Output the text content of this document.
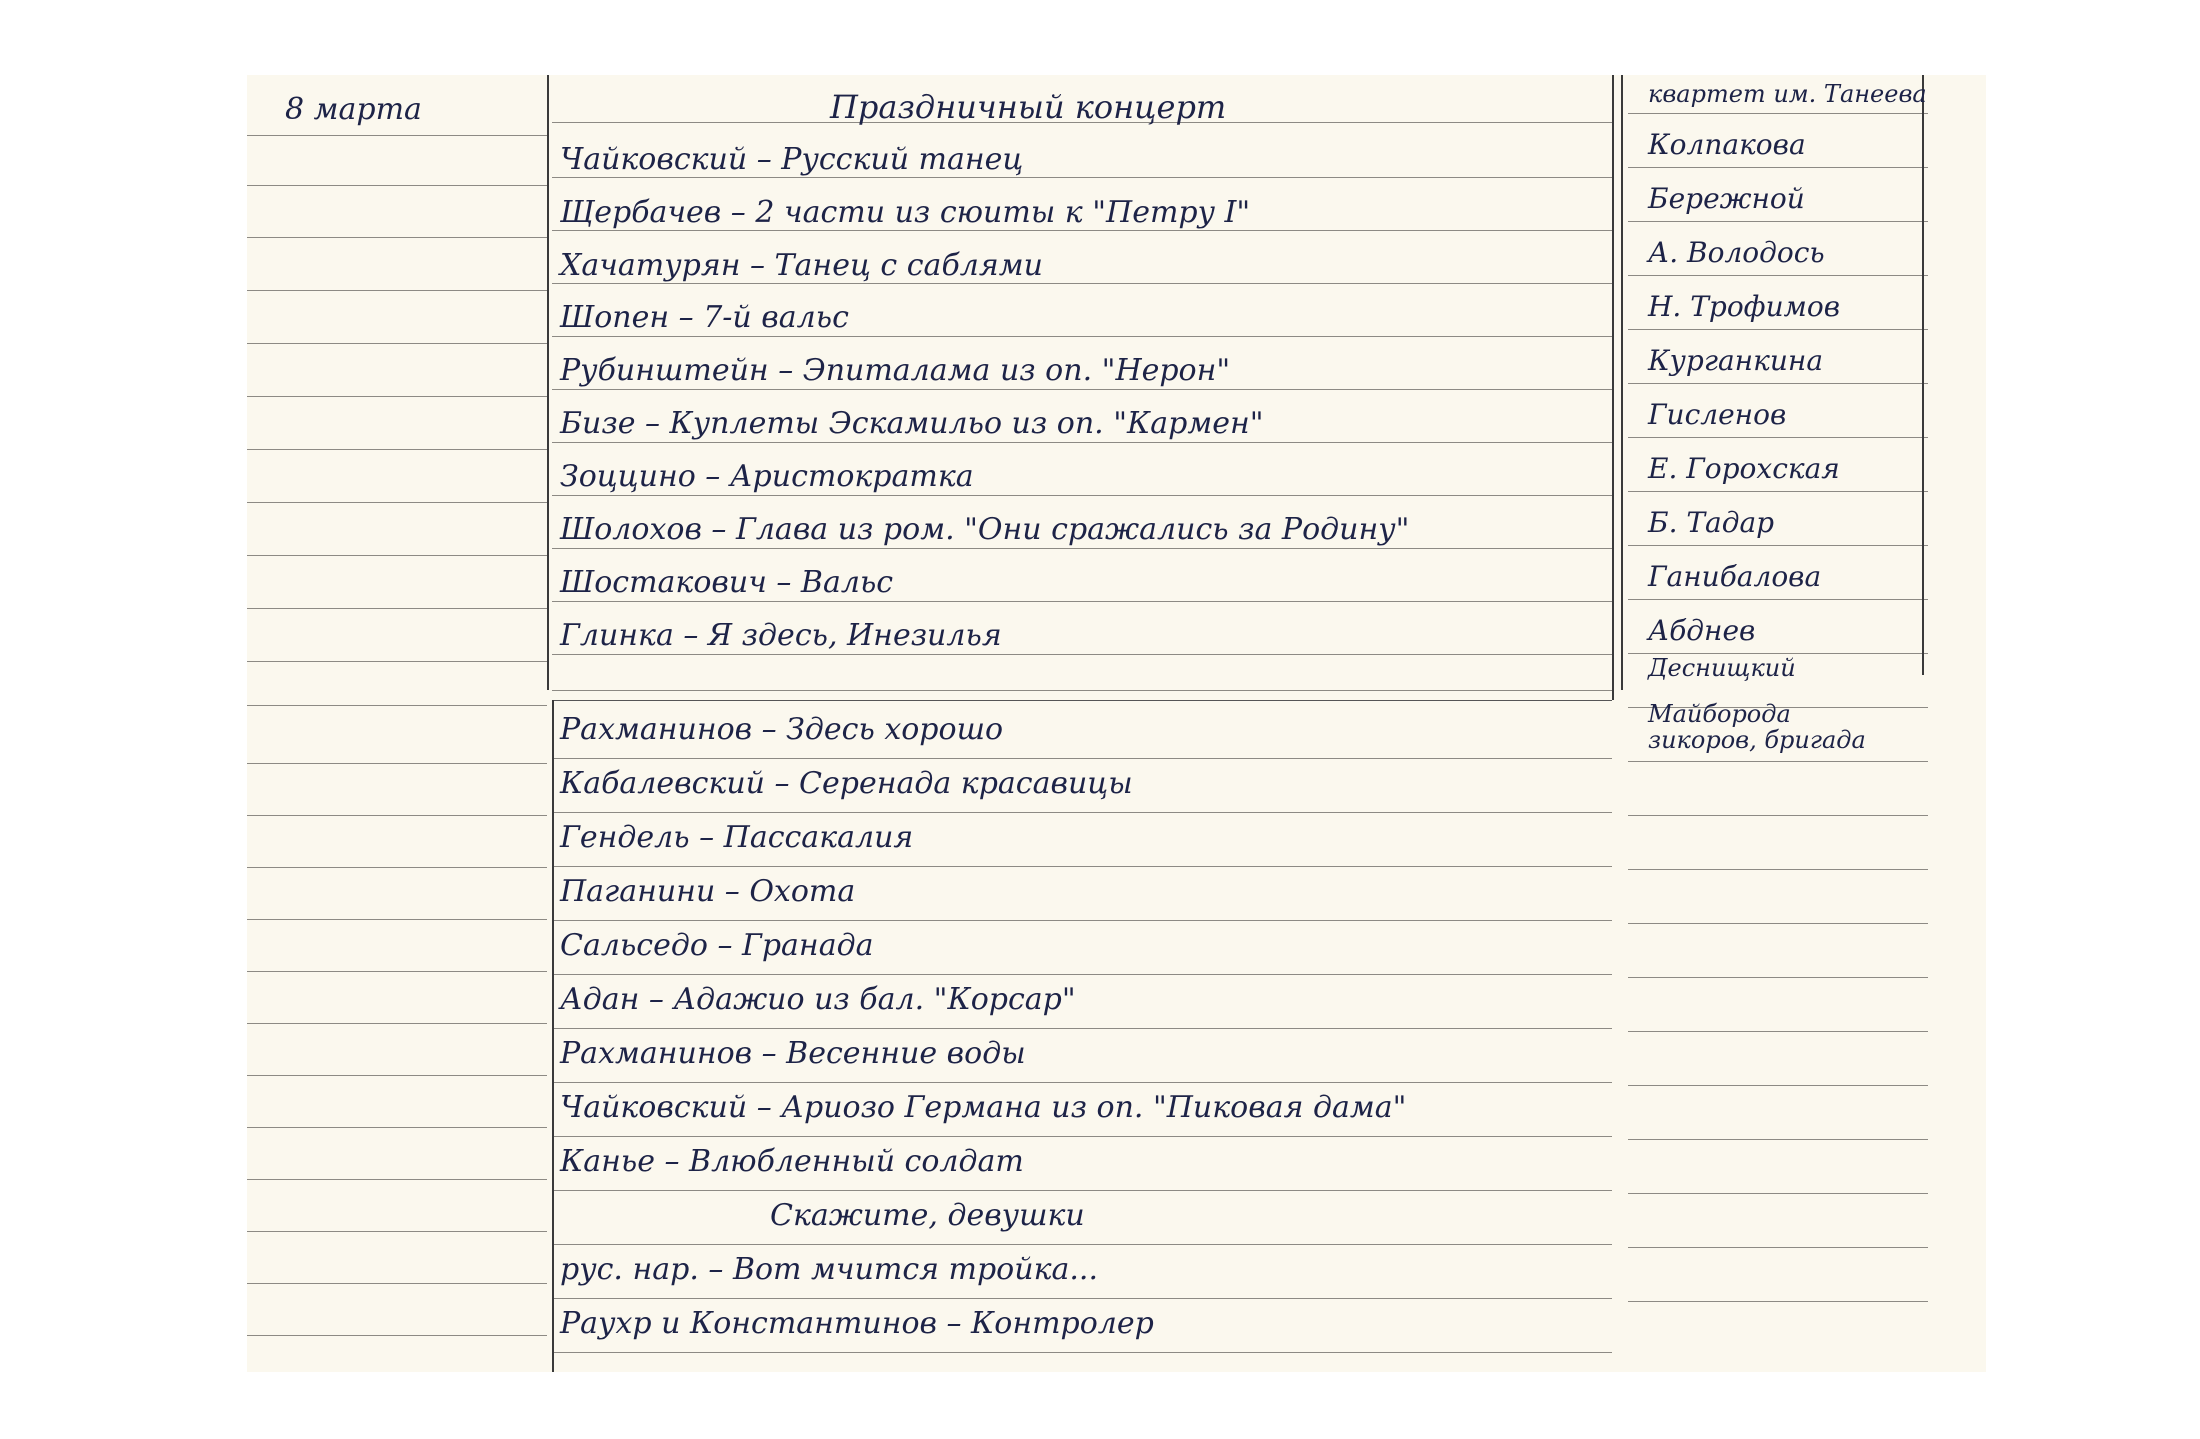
8 марта	Праздничный концерт
Чайковский – Русский танец
Щербачев – 2 части из сюиты к "Петру I"
Хачатурян – Танец с саблями
Шопен – 7-й вальс
Рубинштейн – Эпиталама из оп. "Нерон"
Бизе – Куплеты Эскамильо из оп. "Кармен"
Зоццино – Аристократка
Шолохов – Глава из ром. "Они сражались за Родину"
Шостакович – Вальс
Глинка – Я здесь, Инезилья
квартет им. Танеева
Колпакова
Бережной
А. Володось
Н. Трофимов
Курганкина
Гисленов
Е. Горохская
Б. Тадар
Ганибалова
Абднев
Деснищкий
Майборода
зикоров, бригада
Рахманинов – Здесь хорошо
Кабалевский – Серенада красавицы
Гендель – Пассакалия
Паганини – Охота
Сальседо – Гранада
Адан – Адажио из бал. "Корсар"
Рахманинов – Весенние воды
Чайковский – Ариозо Германа из оп. "Пиковая дама"
Канье – Влюбленный солдат
Скажите, девушки
рус. нар. – Вот мчится тройка...
Раухр и Константинов – Контролер
